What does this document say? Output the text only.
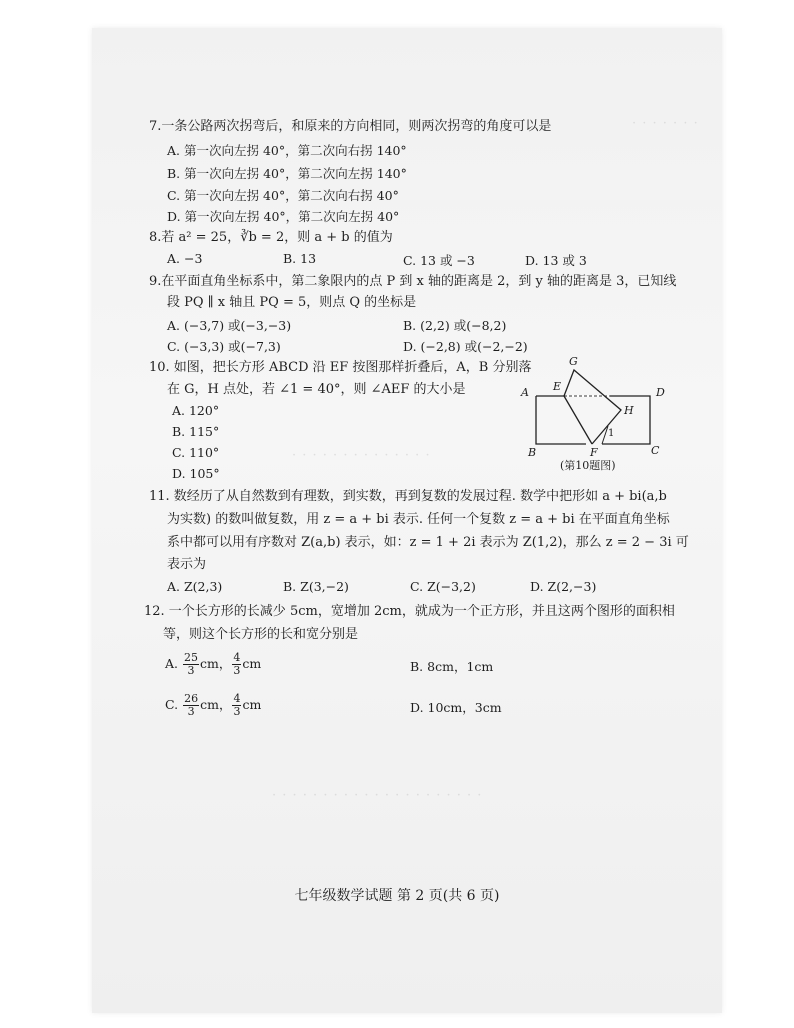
· · · · · · ·
· · · · · · · · · · · · · ·
· · · · · · · · · · · · · · · · · · · · ·
7.一条公路两次拐弯后，和原来的方向相同，则两次拐弯的角度可以是
A. 第一次向左拐 40°，第二次向右拐 140°
B. 第一次向左拐 40°，第二次向左拐 140°
C. 第一次向左拐 40°，第二次向右拐 40°
D. 第一次向左拐 40°，第二次向左拐 40°
8.若 a² = 25，∛b = 2，则 a + b 的值为
A. −3	B. 13	C. 13 或 −3	D. 13 或 3
9.在平面直角坐标系中，第二象限内的点 P 到 x 轴的距离是 2，到 y 轴的距离是 3，已知线
段 PQ ∥ x 轴且 PQ = 5，则点 Q 的坐标是
A. (−3,7) 或(−3,−3)	B. (2,2) 或(−8,2)
C. (−3,3) 或(−7,3)	D. (−2,8) 或(−2,−2)
10. 如图，把长方形 ABCD 沿 EF 按图那样折叠后，A，B 分别落
在 G，H 点处，若 ∠1 = 40°，则 ∠AEF 的大小是
A. 120°
B. 115°
C. 110°
D. 105°
A	D
B	C
E
F
G
H
1
(第10题图)
11. 数经历了从自然数到有理数，到实数，再到复数的发展过程. 数学中把形如 a + bi(a,b
为实数) 的数叫做复数，用 z = a + bi 表示. 任何一个复数 z = a + bi 在平面直角坐标
系中都可以用有序数对 Z(a,b) 表示，如：z = 1 + 2i 表示为 Z(1,2)，那么 z = 2 − 3i 可
表示为
A. Z(2,3)	B. Z(3,−2)	C. Z(−3,2)	D. Z(2,−3)
12. 一个长方形的长减少 5cm，宽增加 2cm，就成为一个正方形，并且这两个图形的面积相
等，则这个长方形的长和宽分别是
A. $\frac{25}{3}$ cm， $\frac{4}{3}$ cm	B. 8cm，1cm
C. $\frac{26}{3}$ cm， $\frac{4}{3}$ cm	D. 10cm，3cm
七年级数学试题 第 2 页(共 6 页)
